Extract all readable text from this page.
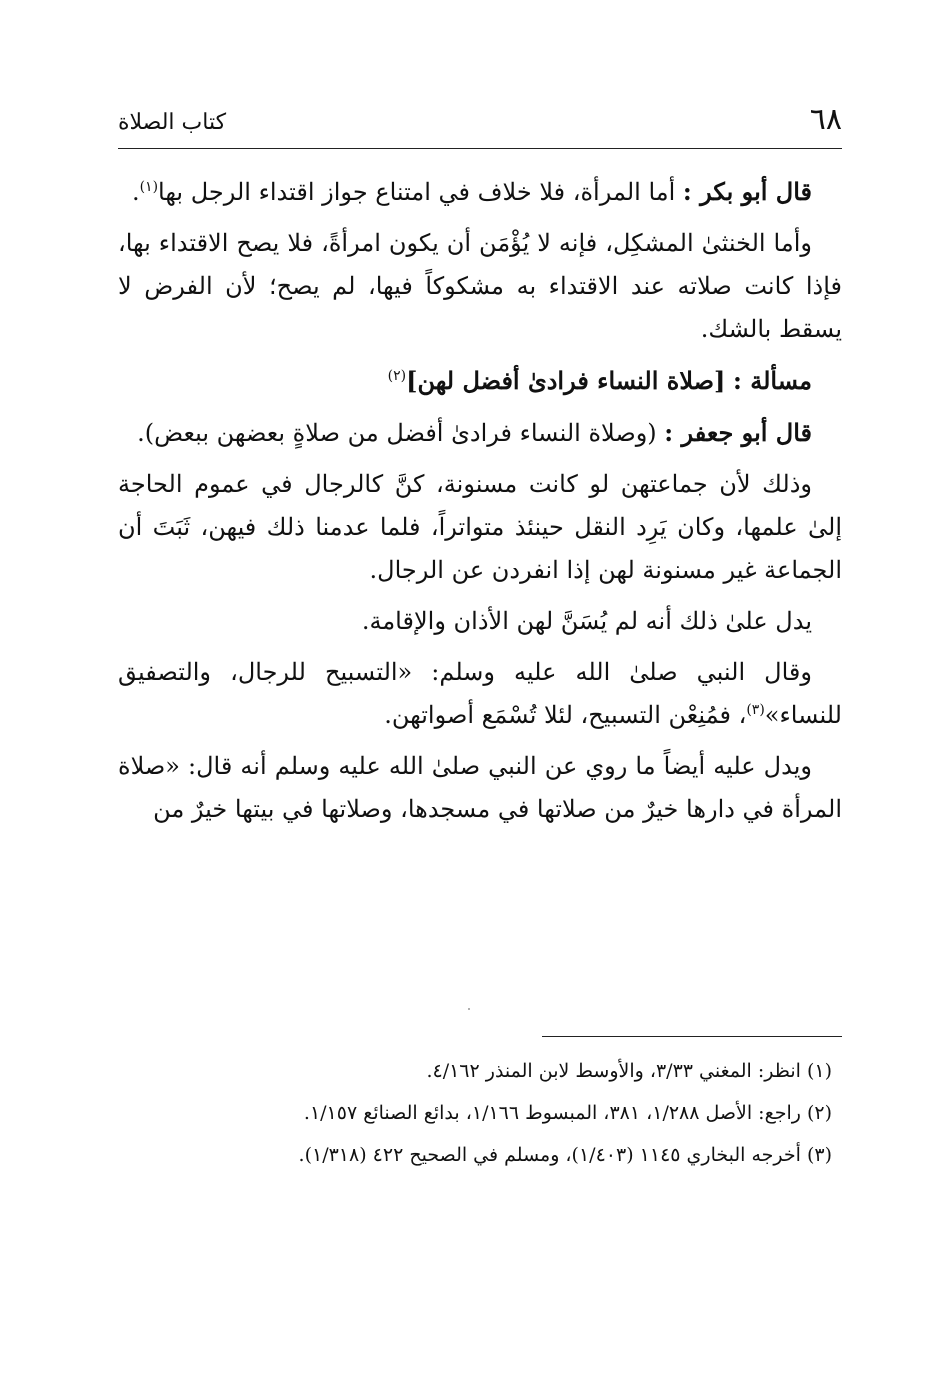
٦٨
كتاب الصلاة

قال أبو بكر : أما المرأة، فلا خلاف في امتناع جواز اقتداء الرجل بها$^{(١)}$.

وأما الخنثىٰ المشكِل، فإنه لا يُؤْمَن أن يكون امرأةً، فلا يصح الاقتداء بها، فإذا كانت صلاته عند الاقتداء به مشكوكاً فيها، لم يصح؛ لأن الفرض لا يسقط بالشك.

مسألة : [صلاة النساء فرادىٰ أفضل لهن]$^{(٢)}$

قال أبو جعفر : (وصلاة النساء فرادىٰ أفضل من صلاةٍ بعضهن ببعض).

وذلك لأن جماعتهن لو كانت مسنونة، كنَّ كالرجال في عموم الحاجة إلىٰ علمها، وكان يَرِد النقل حينئذ متواتراً، فلما عدمنا ذلك فيهن، ثَبَتَ أن الجماعة غير مسنونة لهن إذا انفردن عن الرجال.

يدل علىٰ ذلك أنه لم يُسَنَّ لهن الأذان والإقامة.

وقال النبي صلىٰ الله عليه وسلم: «التسبيح للرجال، والتصفيق للنساء»$^{(٣)}$، فمُنِعْن التسبيح، لئلا تُسْمَع أصواتهن.

ويدل عليه أيضاً ما روي عن النبي صلىٰ الله عليه وسلم أنه قال: «صلاة المرأة في دارها خيرٌ من صلاتها في مسجدها، وصلاتها في بيتها خيرٌ من

(١) انظر: المغني ٣/٣٣، والأوسط لابن المنذر ٤/١٦٢.

(٢) راجع: الأصل ١/٢٨٨، ٣٨١، المبسوط ١/١٦٦، بدائع الصنائع ١/١٥٧.

(٣) أخرجه البخاري ١١٤٥ (١/٤٠٣)، ومسلم في الصحيح ٤٢٢ (١/٣١٨).
